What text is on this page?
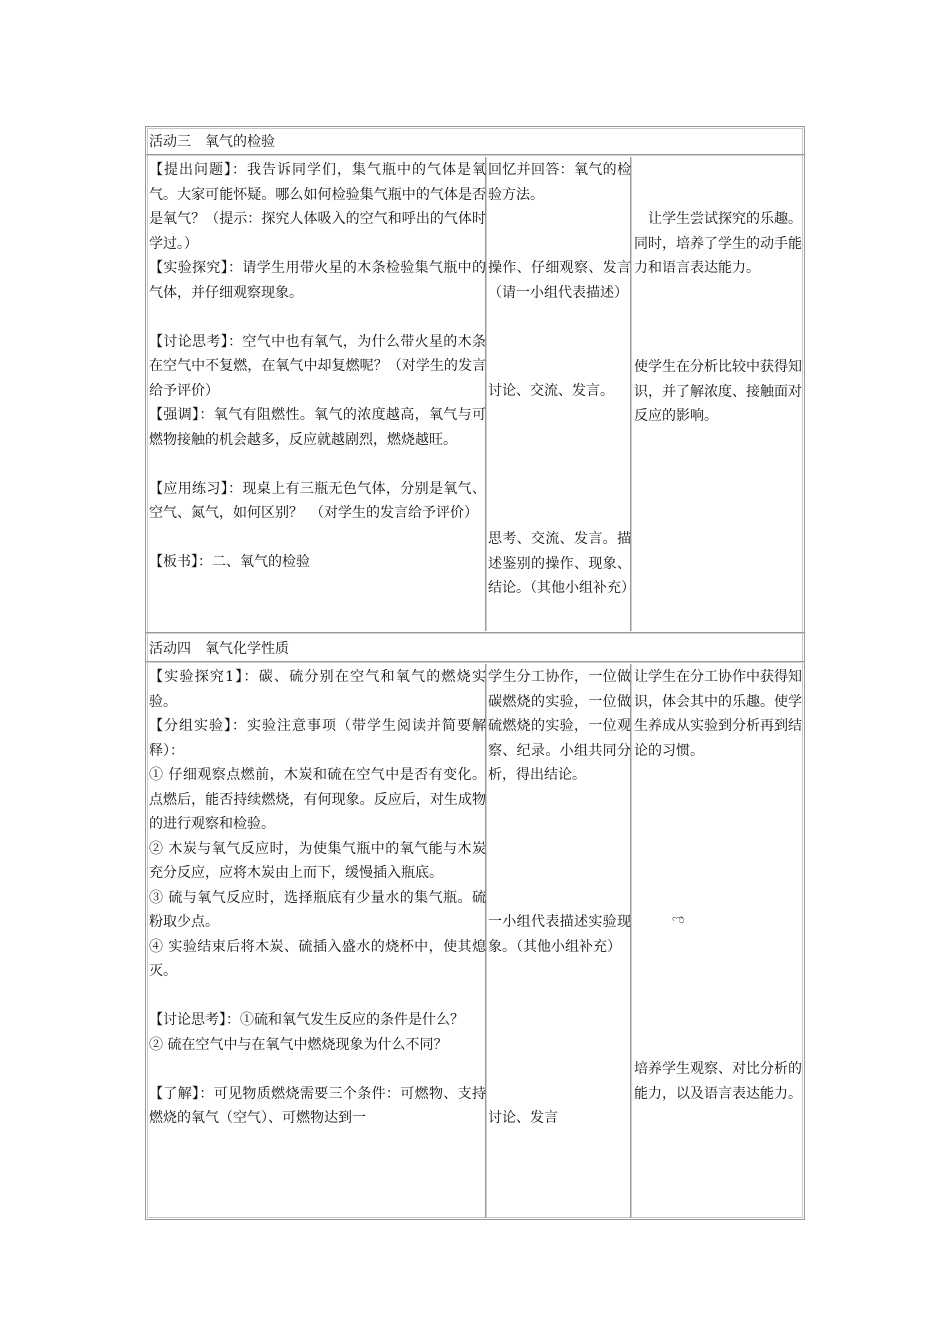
活动三　氧气的检验

【提出问题】：我告诉同学们，集气瓶中的气体是氧气。大家可能怀疑。哪么如何检验集气瓶中的气体是否是氧气？（提示：探究人体吸入的空气和呼出的气体时学过。）

【实验探究】：请学生用带火星的木条检验集气瓶中的气体，并仔细观察现象。

【讨论思考】：空气中也有氧气，为什么带火星的木条在空气中不复燃，在氧气中却复燃呢？（对学生的发言给予评价）

【强调】：氧气有阻燃性。氧气的浓度越高，氧气与可燃物接触的机会越多，反应就越剧烈，燃烧越旺。

【应用练习】：现桌上有三瓶无色气体，分别是氧气、空气、氮气，如何区别？　（对学生的发言给予评价）

【板书】：二、氧气的检验

回忆并回答：氧气的检验方法。

操作、仔细观察、发言（请一小组代表描述）

讨论、交流、发言。

思考、交流、发言。描述鉴别的操作、现象、结论。（其他小组补充）

让学生尝试探究的乐趣。同时，培养了学生的动手能力和语言表达能力。

使学生在分析比较中获得知识，并了解浓度、接触面对反应的影响。

活动四　氧气化学性质

【实验探究1】：碳、硫分别在空气和氧气的燃烧实验。

【分组实验】：实验注意事项（带学生阅读并简要解释）：

① 仔细观察点燃前，木炭和硫在空气中是否有变化。点燃后，能否持续燃烧，有何现象。反应后，对生成物的进行观察和检验。

② 木炭与氧气反应时，为使集气瓶中的氧气能与木炭充分反应，应将木炭由上而下，缓慢插入瓶底。

③ 硫与氧气反应时，选择瓶底有少量水的集气瓶。硫粉取少点。

④ 实验结束后将木炭、硫插入盛水的烧杯中，使其熄灭。

【讨论思考】：①硫和氧气发生反应的条件是什么？

② 硫在空气中与在氧气中燃烧现象为什么不同？

【了解】：可见物质燃烧需要三个条件：可燃物、支持燃烧的氧气（空气）、可燃物达到一

学生分工协作，一位做碳燃烧的实验，一位做硫燃烧的实验，一位观察、纪录。小组共同分析，得出结论。

一小组代表描述实验现象。（其他小组补充）

讨论、发言

让学生在分工协作中获得知识，体会其中的乐趣。使学生养成从实验到分析再到结论的习惯。

培养学生观察、对比分析的能力，以及语言表达能力。

ಌ
